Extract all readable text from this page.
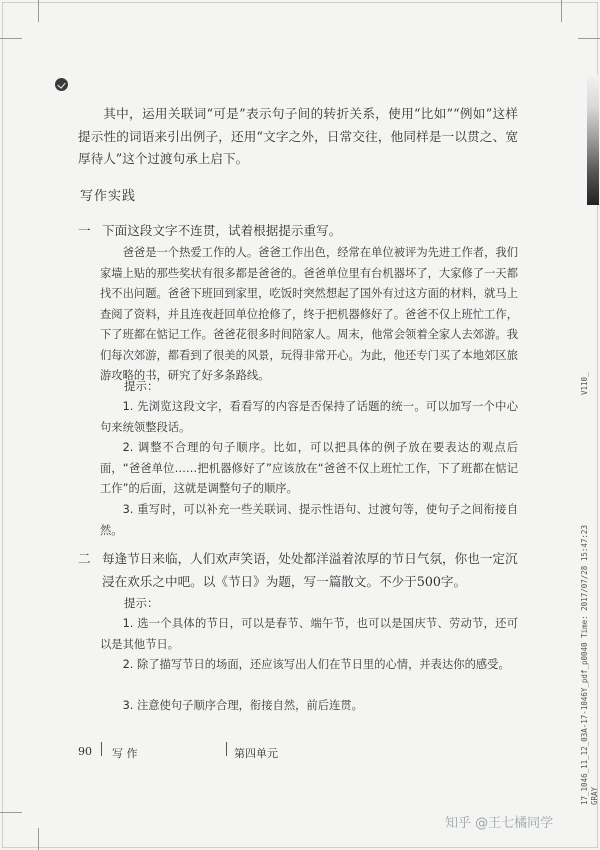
其中，运用关联词“可是”表示句子间的转折关系，使用“比如”“例如”这样提示性的词语来引出例子，还用“文字之外，日常交往，他同样是一以贯之、宽厚待人”这个过渡句承上启下。

写作实践
一 下面这段文字不连贯，试着根据提示重写。

爸爸是一个热爱工作的人。爸爸工作出色，经常在单位被评为先进工作者，我们家墙上贴的那些奖状有很多都是爸爸的。爸爸单位里有台机器坏了，大家修了一天都找不出问题。爸爸下班回到家里，吃饭时突然想起了国外有过这方面的材料，就马上查阅了资料，并且连夜赶回单位抢修了，终于把机器修好了。爸爸不仅上班忙工作，下了班都在惦记工作。爸爸花很多时间陪家人。周末，他常会领着全家人去郊游。我们每次郊游，都看到了很美的风景，玩得非常开心。为此，他还专门买了本地郊区旅游攻略的书，研究了好多条路线。

提示：

1. 先浏览这段文字，看看写的内容是否保持了话题的统一。可以加写一个中心句来统领整段话。

2. 调整不合理的句子顺序。比如，可以把具体的例子放在要表达的观点后面，“爸爸单位……把机器修好了”应该放在“爸爸不仅上班忙工作，下了班都在惦记工作”的后面，这就是调整句子的顺序。

3. 重写时，可以补充一些关联词、提示性语句、过渡句等，使句子之间衔接自然。

二 每逢节日来临，人们欢声笑语，处处都洋溢着浓厚的节日气氛，你也一定沉浸在欢乐之中吧。以《节日》为题，写一篇散文。不少于500字。

提示：

1. 选一个具体的节日，可以是春节、端午节，也可以是国庆节、劳动节，还可以是其他节日。

2. 除了描写节日的场面，还应该写出人们在节日里的心情，并表达你的感受。

3. 注意使句子顺序合理，衔接自然，前后连贯。

90 写 作	第四单元
V110_
17_1046_11_12_03A-17-1046Y_pdf_p0040 Time: 2017/07/28 15:47:23 GRAY
知乎 @王七橘同学
